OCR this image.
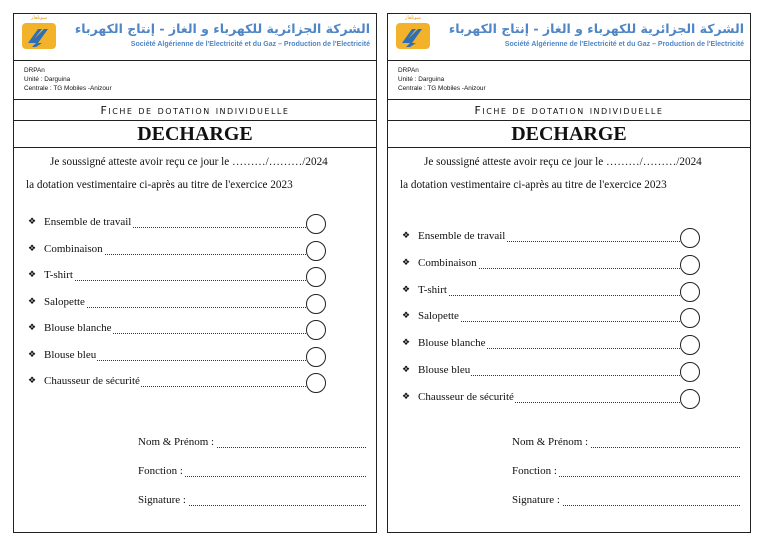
سونلغاز
الشركة الجزائرية للكهرباء و الغاز - إنتاج الكهرباء
Société Algérienne de l'Electricité et du Gaz – Production de l'Electricité
DRPAn
Unité : Darguina
Centrale : TG Mobiles -Anizour
Fiche de dotation individuelle
DECHARGE
Je soussigné atteste avoir reçu ce jour le ………/………/2024
la dotation vestimentaire ci-après au titre de l'exercice 2023
❖ Ensemble de travail
❖ Combinaison
❖ T-shirt
❖ Salopette
❖ Blouse blanche
❖ Blouse bleu
❖ Chausseur de sécurité
Nom & Prénom :
Fonction :
Signature :
سونلغاز
الشركة الجزائرية للكهرباء و الغاز - إنتاج الكهرباء
Société Algérienne de l'Electricité et du Gaz – Production de l'Electricité
DRPAn
Unité : Darguina
Centrale : TG Mobiles -Anizour
Fiche de dotation individuelle
DECHARGE
Je soussigné atteste avoir reçu ce jour le ………/………/2024
la dotation vestimentaire ci-après au titre de l'exercice 2023
❖ Ensemble de travail
❖ Combinaison
❖ T-shirt
❖ Salopette
❖ Blouse blanche
❖ Blouse bleu
❖ Chausseur de sécurité
Nom & Prénom :
Fonction :
Signature :
